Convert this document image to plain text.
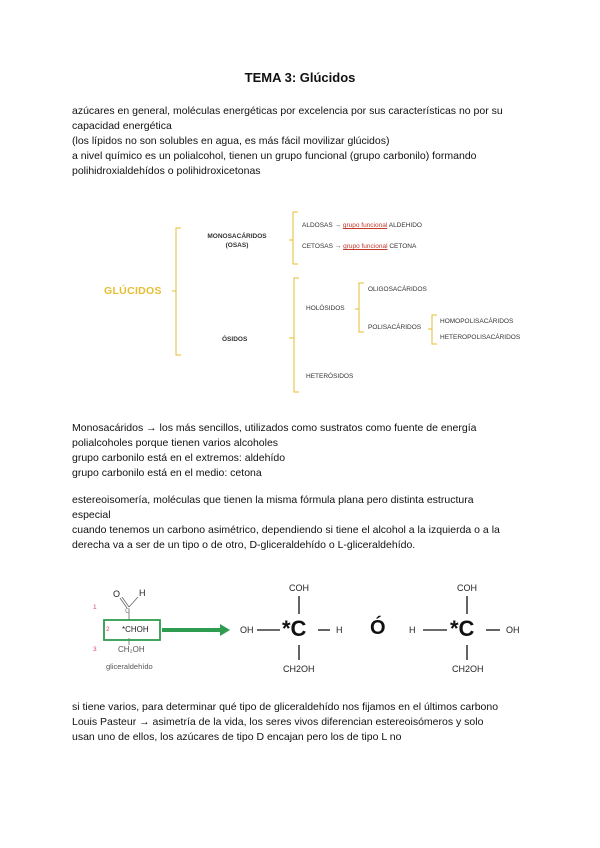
TEMA 3: Glúcidos
azúcares en general, moléculas energéticas por excelencia por sus características no por su
capacidad energética
(los lípidos no son solubles en agua, es más fácil movilizar glúcidos)
a nivel químico es un polialcohol, tienen un grupo funcional (grupo carbonilo) formando
polihidroxialdehídos o polihidroxicetonas
GLÚCIDOS
MONOSACÁRIDOS
(OSAS)
ALDOSAS → grupo funcional ALDEHIDO
CETOSAS → grupo funcional CETONA
ÓSIDOS
HOLÓSIDOS
OLIGOSACÁRIDOS
POLISACÁRIDOS
HOMOPOLISACÁRIDOS
HETEROPOLISACÁRIDOS
HETERÓSIDOS
Monosacáridos → los más sencillos, utilizados como sustratos como fuente de energía
polialcoholes porque tienen varios alcoholes
grupo carbonilo está en el extremos: aldehído
grupo carbonilo está en el medio: cetona
estereoisomería, moléculas que tienen la misma fórmula plana pero distinta estructura
especial
cuando tenemos un carbono asimétrico, dependiendo si tiene el alcohol a la izquierda o a la
derecha va a ser de un tipo o de otro, D-gliceraldehído o L-gliceraldehído.
O H
C
1
2
3
*CHOH
CH₂OH
gliceraldehído
COH
OH *C	H
CH2OH
Ó
COH
H *C	OH
CH2OH
si tiene varios, para determinar qué tipo de gliceraldehído nos fijamos en el últimos carbono
Louis Pasteur → asimetría de la vida, los seres vivos diferencian estereoisómeros y solo
usan uno de ellos, los azúcares de tipo D encajan pero los de tipo L no
